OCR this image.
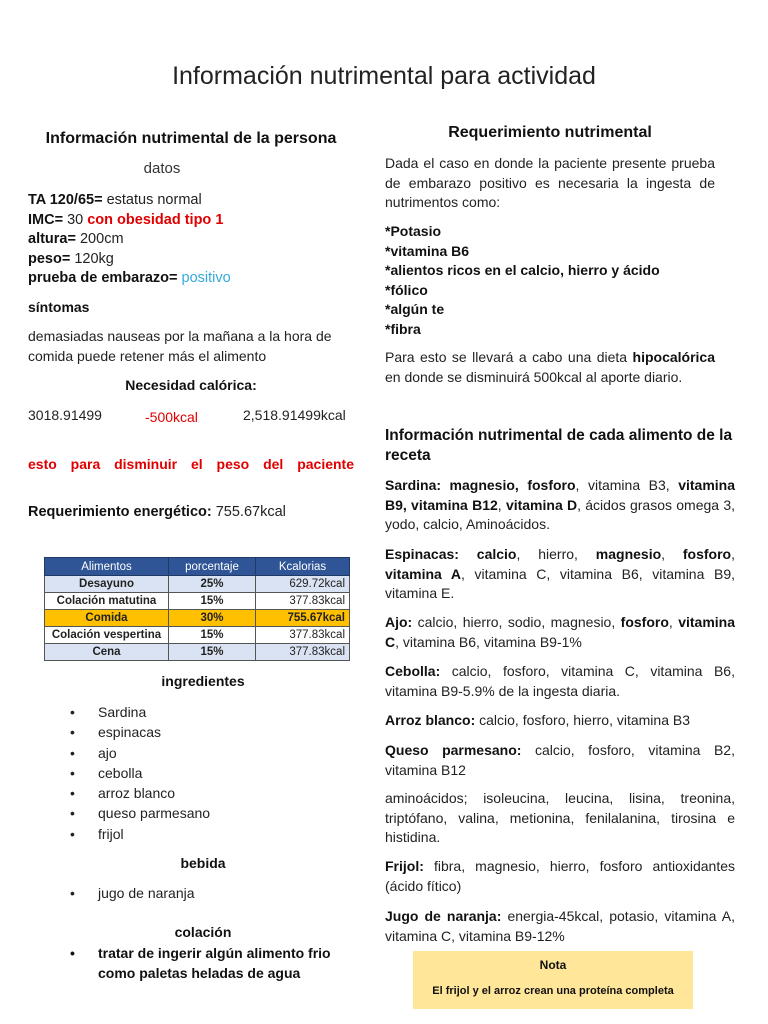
Información nutrimental para actividad
Información nutrimental de la persona
datos
TA 120/65= estatus normal
IMC= 30 con obesidad tipo 1
altura= 200cm
peso= 120kg
prueba de embarazo= positivo
síntomas
demasiadas nauseas por la mañana a la hora de comida puede retener más el alimento
Necesidad calórica:
3018.91499	-500kcal	2,518.91499kcal
esto para disminuir el peso del paciente
Requerimiento energético: 755.67kcal
Alimentos	porcentaje	Kcalorias
Desayuno	25%	629.72kcal
Colación matutina	15%	377.83kcal
Comida	30%	755.67kcal
Colación vespertina	15%	377.83kcal
Cena	15%	377.83kcal
ingredientes
• Sardina
• espinacas
• ajo
• cebolla
• arroz blanco
• queso parmesano
• frijol
bebida
• jugo de naranja
colación
• tratar de ingerir algún alimento frio como paletas heladas de agua
Requerimiento nutrimental
Dada el caso en donde la paciente presente prueba de embarazo positivo es necesaria la ingesta de nutrimentos como:
*Potasio
*vitamina B6
*alientos ricos en el calcio, hierro y ácido
*fólico
*algún te
*fibra
Para esto se llevará a cabo una dieta hipocalórica en donde se disminuirá 500kcal al aporte diario.
Información nutrimental de cada alimento de la receta
Sardina: magnesio, fosforo, vitamina B3, vitamina B9, vitamina B12, vitamina D, ácidos grasos omega 3, yodo, calcio, Aminoácidos.
Espinacas: calcio, hierro, magnesio, fosforo, vitamina A, vitamina C, vitamina B6, vitamina B9, vitamina E.
Ajo: calcio, hierro, sodio, magnesio, fosforo, vitamina C, vitamina B6, vitamina B9-1%
Cebolla: calcio, fosforo, vitamina C, vitamina B6, vitamina B9-5.9% de la ingesta diaria.
Arroz blanco: calcio, fosforo, hierro, vitamina B3
Queso parmesano: calcio, fosforo, vitamina B2, vitamina B12
aminoácidos; isoleucina, leucina, lisina, treonina, triptófano, valina, metionina, fenilalanina, tirosina e histidina.
Frijol: fibra, magnesio, hierro, fosforo antioxidantes (ácido fítico)
Jugo de naranja: energia-45kcal, potasio, vitamina A, vitamina C, vitamina B9-12%
Nota
El frijol y el arroz crean una proteína completa
